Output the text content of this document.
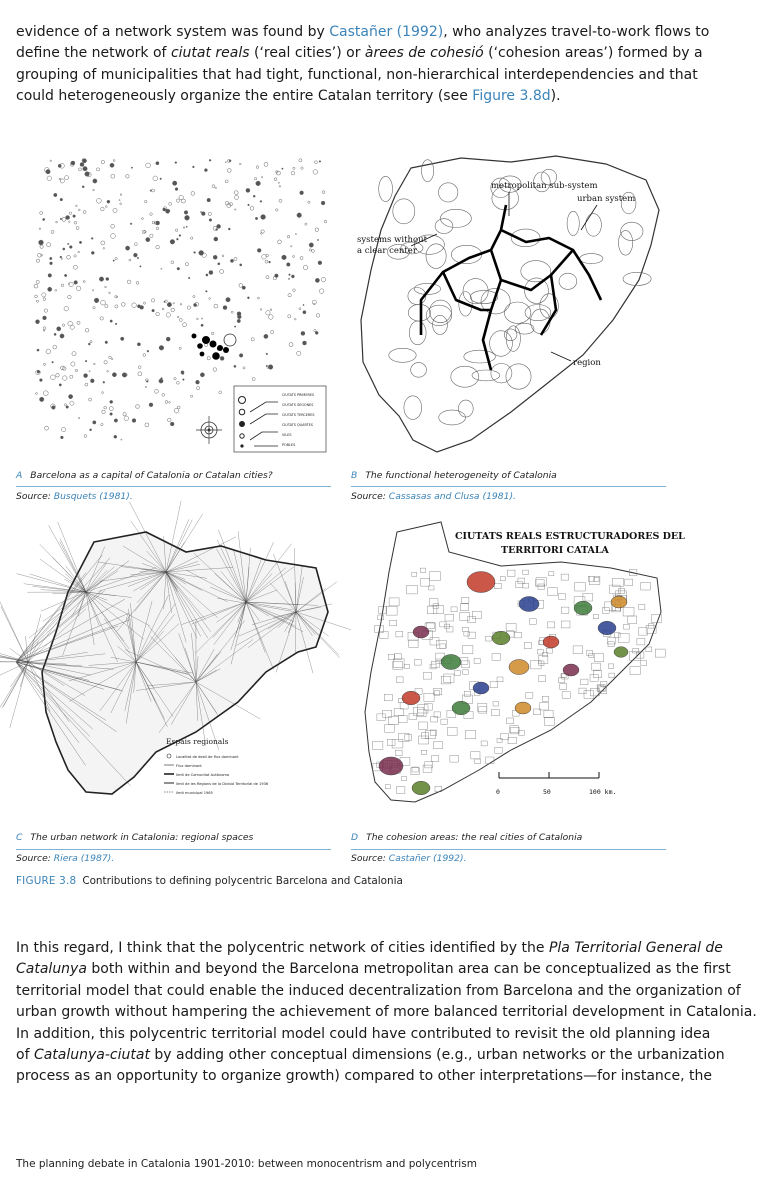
evidence of a network system was found by Castañer (1992), who analyzes travel-to-work flows to
define the network of ciutat reals (‘real cities’) or àrees de cohesió (‘cohesion areas’) formed by a
grouping of municipalities that had tight, functional, non-hierarchical interdependencies and that
could heterogeneously organize the entire Catalan territory (see Figure 3.8d).

CIUTATS PRIMERES
CIUTATS SEGONES
CIUTATS TERCERES
CIUTATS QUARTES
VILES
POBLES
A Barcelona as a capital of Catalonia or Catalan cities?
Source: Busquets (1981).
metropolitan sub-system
urban system
systems without
a clear center
region
B The functional heterogeneity of Catalonia
Source: Cassasas and Clusa (1981).
Espais regionals
Localitat de destí de flux dominant
Flux dominant
límit de Comunitat Autònoma
límit de les Regions de la Divisió Territorial de 1936
límit municipal 1965
C The urban network in Catalonia: regional spaces
Source: Riera (1987).
CIUTATS REALS ESTRUCTURADORES DEL
TERRITORI CATALA
0	50	100 km.
D The cohesion areas: the real cities of Catalonia
Source: Castañer (1992).
FIGURE 3.8 Contributions to defining polycentric Barcelona and Catalonia

In this regard, I think that the polycentric network of cities identified by the Pla Territorial General de
Catalunya both within and beyond the Barcelona metropolitan area can be conceptualized as the first
territorial model that could enable the induced decentralization from Barcelona and the organization of
urban growth without hampering the achievement of more balanced territorial development in Catalonia.
In addition, this polycentric territorial model could have contributed to revisit the old planning idea
of Catalunya-ciutat by adding other conceptual dimensions (e.g., urban networks or the urbanization
process as an opportunity to organize growth) compared to other interpretations—for instance, the

The planning debate in Catalonia 1901-2010: between monocentrism and polycentrism
